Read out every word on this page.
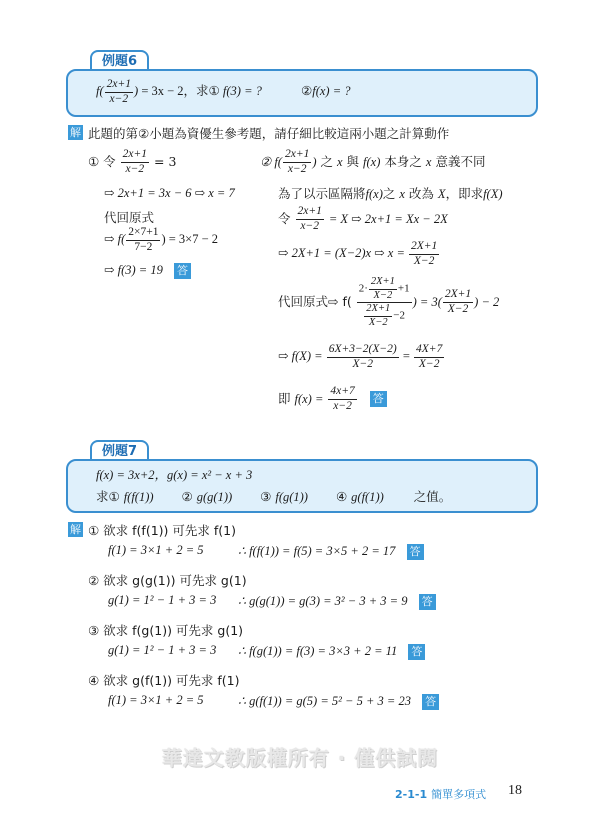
例題6
$f( \frac{2x+1}{x-2}$ ) = 3x − 2，求① f(3) = ?	②f(x) = ?
解 此題的第②小題為資優生參考題，請仔細比較這兩小題之計算動作
① 令 $\frac{2x+1}{x-2} = 3$
⇨ 2x+1 = 3x − 6 ⇨ x = 7
代回原式
⇨ $f( \frac{2\times 7+1}{7-2}$ ) = 3×7 − 2
⇨ f(3) = 19 答
② $f( \frac{2x+1}{x-2}$ ) 之 x 與 f(x) 本身之 x 意義不同
為了以示區隔將f(x)之 x 改為 X，即求f(X)
令 $\frac{2x+1}{x-2} = X$ ⇨ 2x+1 = Xx − 2X
⇨ 2X+1 = (X−2)x ⇨ $x = \frac{2X+1}{X-2}$
代回原式⇨ $f( \frac{2\cdot \frac{2X+1}{X-2} +1}{\frac{2X+1}{X-2} -2}$ ) = $3( \frac{2X+1}{X-2}$ ) − 2
⇨ $f(X) = \frac{6X+3-2(X-2)}{X-2} = \frac{4X+7}{X-2}$
即 $f(x) = \frac{4x+7}{x-2}$ 答
例題7
f(x) = 3x+2，g(x) = x² − x + 3
求① f(f(1)) ② g(g(1)) ③ f(g(1)) ④ g(f(1)) 之值。
解 ① 欲求 f(f(1)) 可先求 f(1)
f(1) = 3×1 + 2 = 5	∴ f(f(1)) = f(5) = 3×5 + 2 = 17 答
② 欲求 g(g(1)) 可先求 g(1)
g(1) = 1² − 1 + 3 = 3 ∴ g(g(1)) = g(3) = 3² − 3 + 3 = 9 答
③ 欲求 f(g(1)) 可先求 g(1)
g(1) = 1² − 1 + 3 = 3 ∴ f(g(1)) = f(3) = 3×3 + 2 = 11 答
④ 欲求 g(f(1)) 可先求 f(1)
f(1) = 3×1 + 2 = 5	∴ g(f(1)) = g(5) = 5² − 5 + 3 = 23 答
華達文教版權所有 · 僅供試閱
2-1-1 簡單多項式 18
